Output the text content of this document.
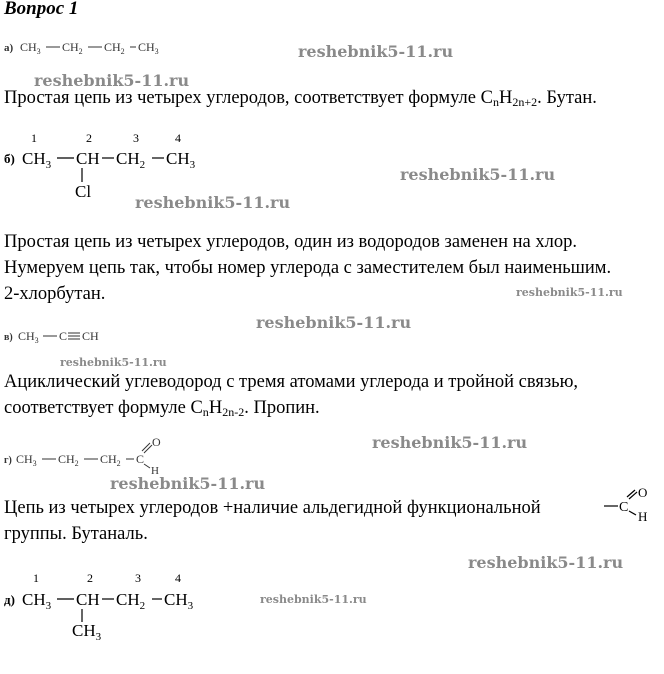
Вопрос 1
а) $CH_3$ $CH_2$ $CH_2$ $CH_3$	reshebnik5-11.ru
reshebnik5-11.ru
Простая цепь из четырех углеродов, соответствует формуле $C_nH_{2n+2}$. Бутан.
1	2	3	4
б) $CH_3$ CH $CH_2$ $CH_3$
Cl
reshebnik5-11.ru
reshebnik5-11.ru
Простая цепь из четырех углеродов, один из водородов заменен на хлор.
Нумеруем цепь так, чтобы номер углерода с заместителем был наименьшим.
2-хлорбутан.	reshebnik5-11.ru
reshebnik5-11.ru
в) $CH_3$ C CH
reshebnik5-11.ru
Ациклический углеводород с тремя атомами углерода и тройной связью,
соответствует формуле $C_nH_{2n-2}$. Пропин.
г) $CH_3$ $CH_2$ $CH_2$ C
O
H
reshebnik5-11.ru
reshebnik5-11.ru
Цепь из четырех углеродов +наличие альдегидной функциональной
группы. Бутаналь.
C
O
H
reshebnik5-11.ru
1	2	3	4
д) $CH_3$ CH $CH_2$ $CH_3$
$CH_3$
reshebnik5-11.ru
